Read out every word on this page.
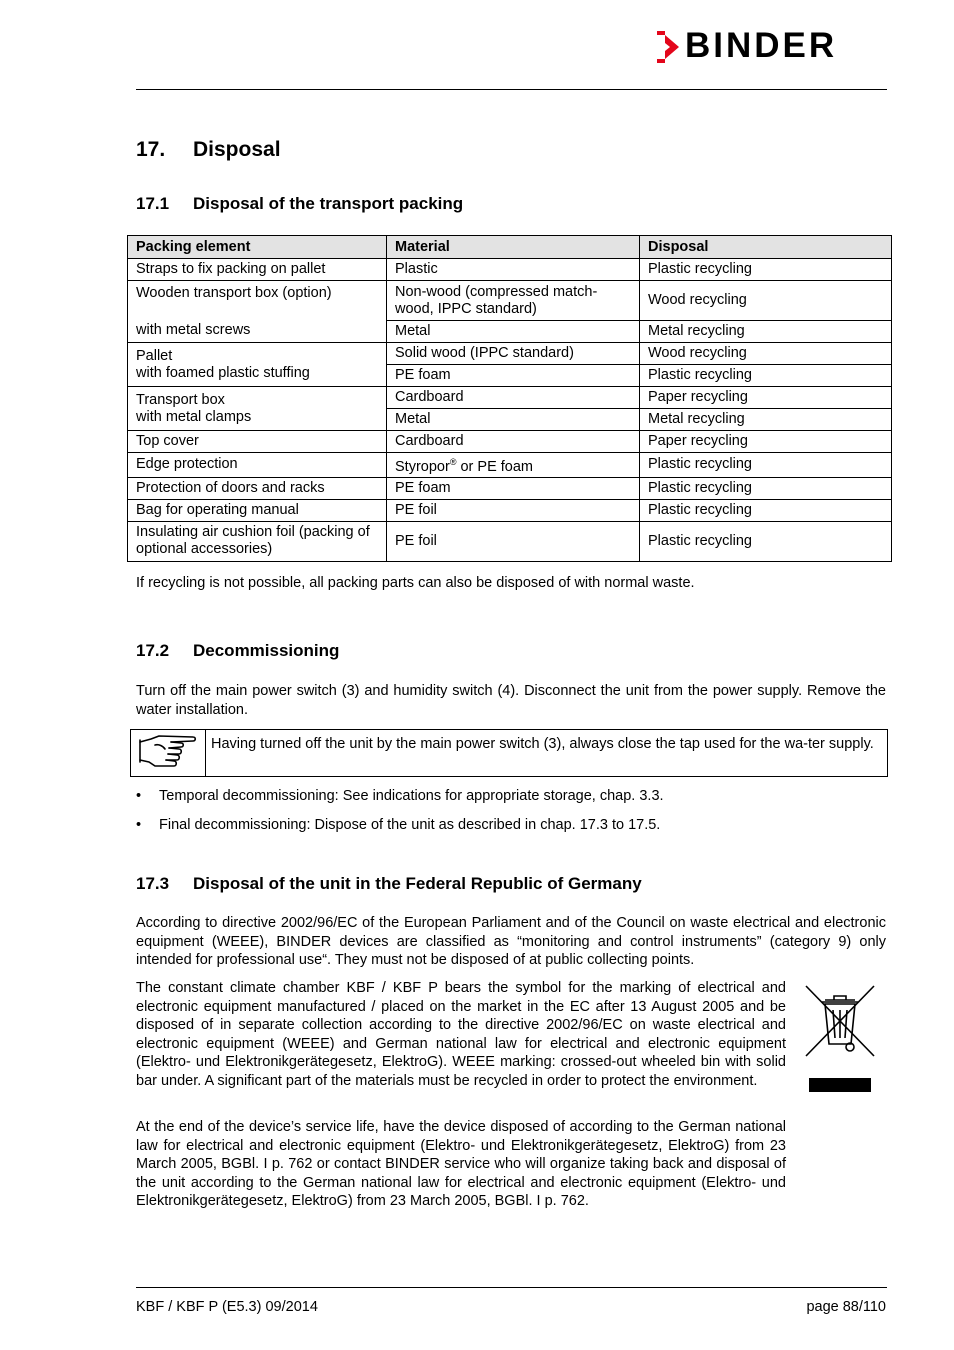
BINDER
17. Disposal
17.1 Disposal of the transport packing
Packing element	Material	Disposal
Straps to fix packing on pallet	Plastic	Plastic recycling

Wooden transport box (option)
with metal screws	Non-wood (compressed match-wood, IPPC standard)	Wood recycling
	Metal	Metal recycling

Pallet
with foamed plastic stuffing	Solid wood (IPPC standard)	Wood recycling
	PE foam	Plastic recycling

Transport box
with metal clamps	Cardboard	Paper recycling
	Metal	Metal recycling
Top cover	Cardboard	Paper recycling
Edge protection	Styropor® or PE foam	Plastic recycling
Protection of doors and racks	PE foam	Plastic recycling
Bag for operating manual	PE foil	Plastic recycling
Insulating air cushion foil (packing of optional accessories)	PE foil	Plastic recycling

If recycling is not possible, all packing parts can also be disposed of with normal waste.

17.2 Decommissioning

Turn off the main power switch (3) and humidity switch (4). Disconnect the unit from the power supply. Remove the water installation.

Having turned off the unit by the main power switch (3), always close the tap used for the wa-ter supply.
• Temporal decommissioning: See indications for appropriate storage, chap. 3.3.
• Final decommissioning: Dispose of the unit as described in chap. 17.3 to 17.5.
17.3 Disposal of the unit in the Federal Republic of Germany

According to directive 2002/96/EC of the European Parliament and of the Council on waste electrical and electronic equipment (WEEE), BINDER devices are classified as “monitoring and control instruments” (category 9) only intended for professional use“. They must not be disposed of at public collecting points.

The constant climate chamber KBF / KBF P bears the symbol for the marking of electrical and electronic equipment manufactured / placed on the market in the EC after 13 August 2005 and be disposed of in separate collection according to the directive 2002/96/EC on waste electrical and electronic equipment (WEEE) and German national law for electrical and electronic equipment (Elektro- und Elektronikgerätegesetz, ElektroG). WEEE marking: crossed-out wheeled bin with solid bar under. A significant part of the materials must be recycled in order to protect the environment.

At the end of the device’s service life, have the device disposed of according to the German national law for electrical and electronic equipment (Elektro- und Elektronikgerätegesetz, ElektroG) from 23 March 2005, BGBl. I p. 762 or contact BINDER service who will organize taking back and disposal of the unit according to the German national law for electrical and electronic equipment (Elektro- und Elektronikgerätegesetz, ElektroG) from 23 March 2005, BGBl. I p. 762.

KBF / KBF P (E5.3) 09/2014	page 88/110
